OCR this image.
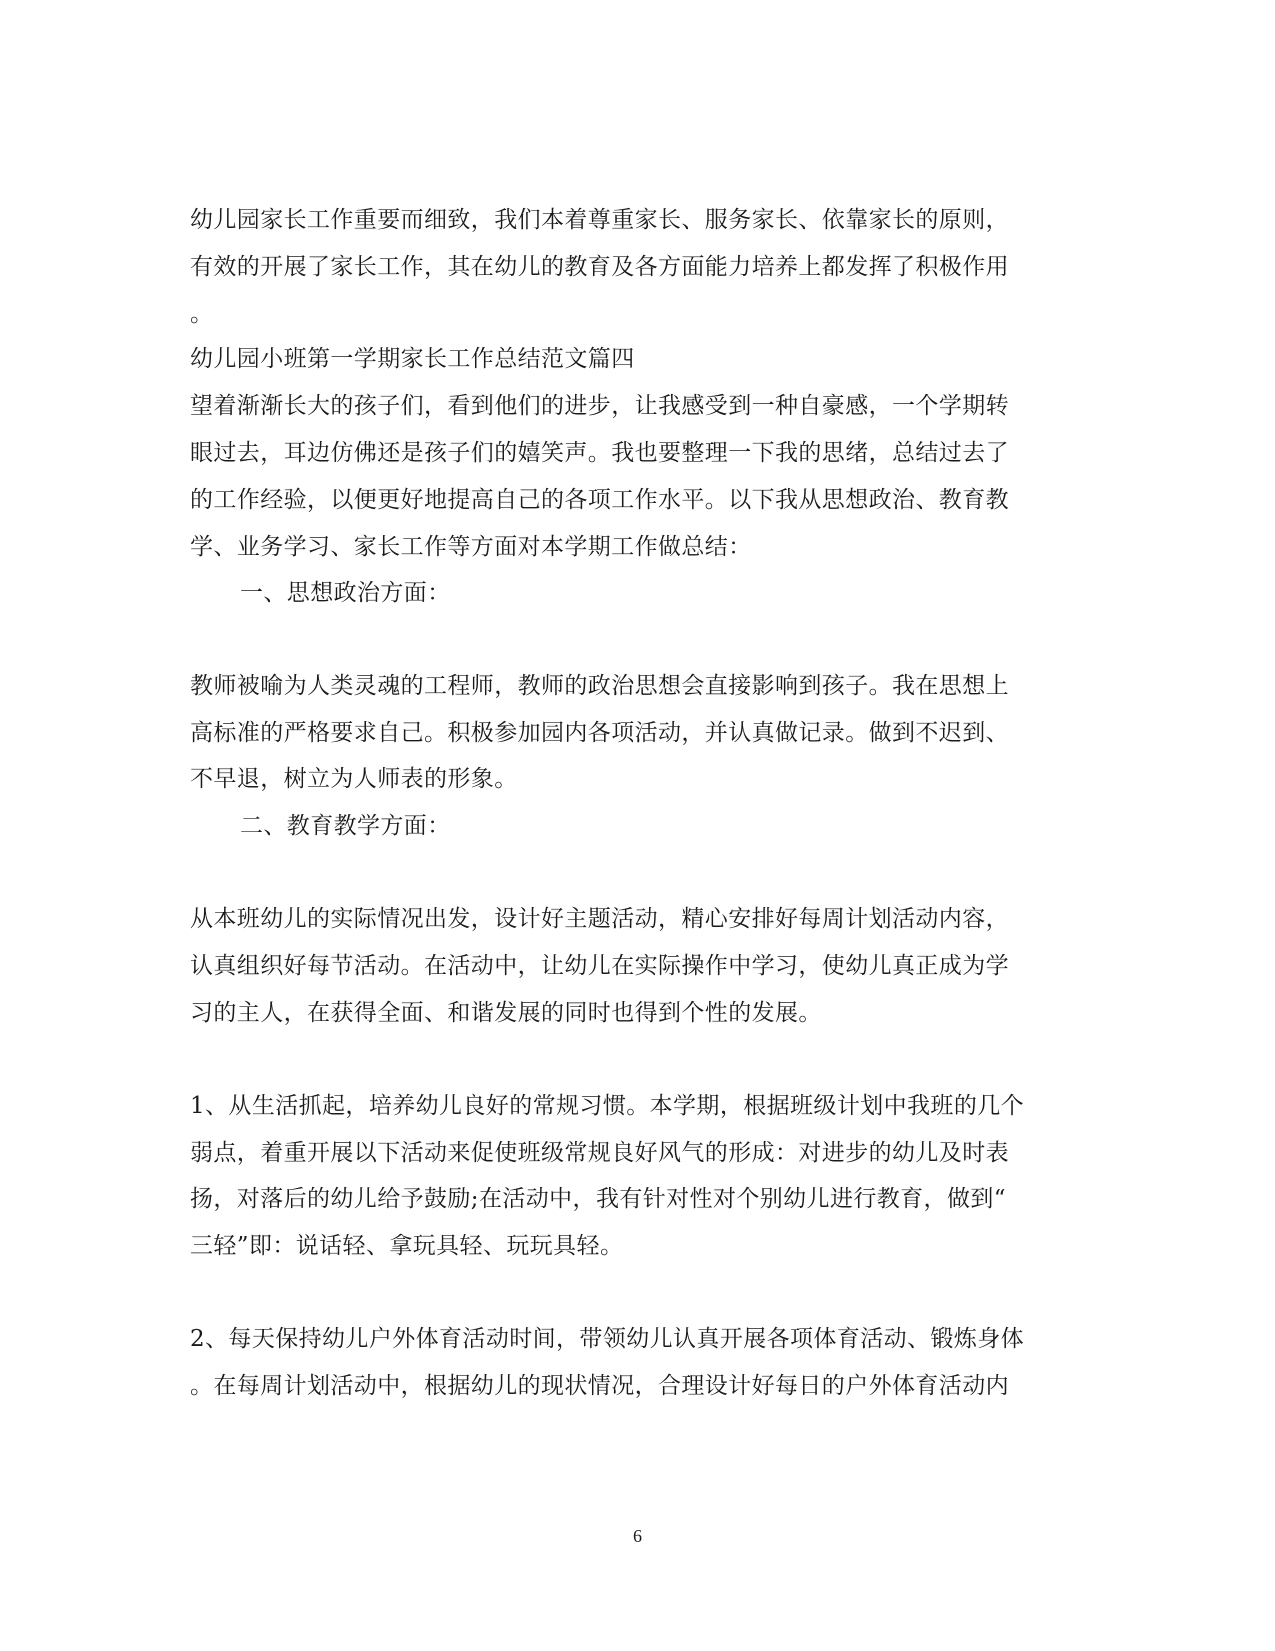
幼儿园家长工作重要而细致，我们本着尊重家长、服务家长、依靠家长的原则，
有效的开展了家长工作，其在幼儿的教育及各方面能力培养上都发挥了积极作用
。
幼儿园小班第一学期家长工作总结范文篇四
望着渐渐长大的孩子们，看到他们的进步，让我感受到一种自豪感，一个学期转
眼过去，耳边仿佛还是孩子们的嬉笑声。我也要整理一下我的思绪，总结过去了
的工作经验，以便更好地提高自己的各项工作水平。以下我从思想政治、教育教
学、业务学习、家长工作等方面对本学期工作做总结：
一、思想政治方面：
教师被喻为人类灵魂的工程师，教师的政治思想会直接影响到孩子。我在思想上
高标准的严格要求自己。积极参加园内各项活动，并认真做记录。做到不迟到、
不早退，树立为人师表的形象。
二、教育教学方面：
从本班幼儿的实际情况出发，设计好主题活动，精心安排好每周计划活动内容，
认真组织好每节活动。在活动中，让幼儿在实际操作中学习，使幼儿真正成为学
习的主人，在获得全面、和谐发展的同时也得到个性的发展。
1、从生活抓起，培养幼儿良好的常规习惯。本学期，根据班级计划中我班的几个
弱点，着重开展以下活动来促使班级常规良好风气的形成：对进步的幼儿及时表
扬，对落后的幼儿给予鼓励;在活动中，我有针对性对个别幼儿进行教育，做到“
三轻”即：说话轻、拿玩具轻、玩玩具轻。
2、每天保持幼儿户外体育活动时间，带领幼儿认真开展各项体育活动、锻炼身体
。在每周计划活动中，根据幼儿的现状情况，合理设计好每日的户外体育活动内
6
